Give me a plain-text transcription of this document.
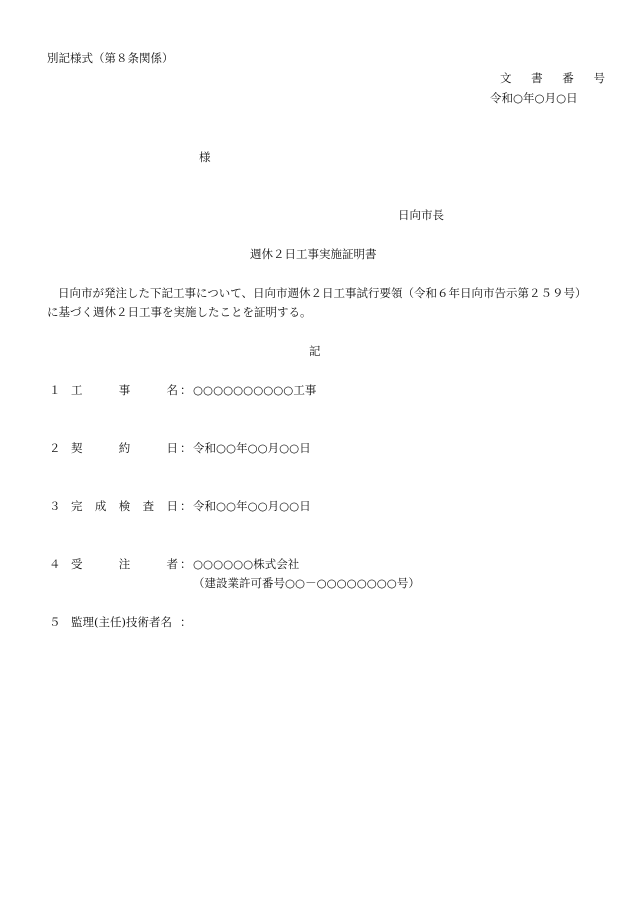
別記様式（第８条関係）
文 書 番 号
令和○年○月○日
様
日向市長
週休２日工事実施証明書
日向市が発注した下記工事について、日向市週休２日工事試行要領（令和６年日向市告示第２５９号）
に基づく週休２日工事を実施したことを証明する。
記
１ 工	事	名 ： ○○○○○○○○○○工事
２ 契	約	日 ： 令和○○年○○月○○日
３ 完 成 検 査 日 ： 令和○○年○○月○○日
４ 受	注	者 ： ○○○○○○株式会社
（建設業許可番号○○－○○○○○○○○号）
５ 監理(主任)技術者名 ：
